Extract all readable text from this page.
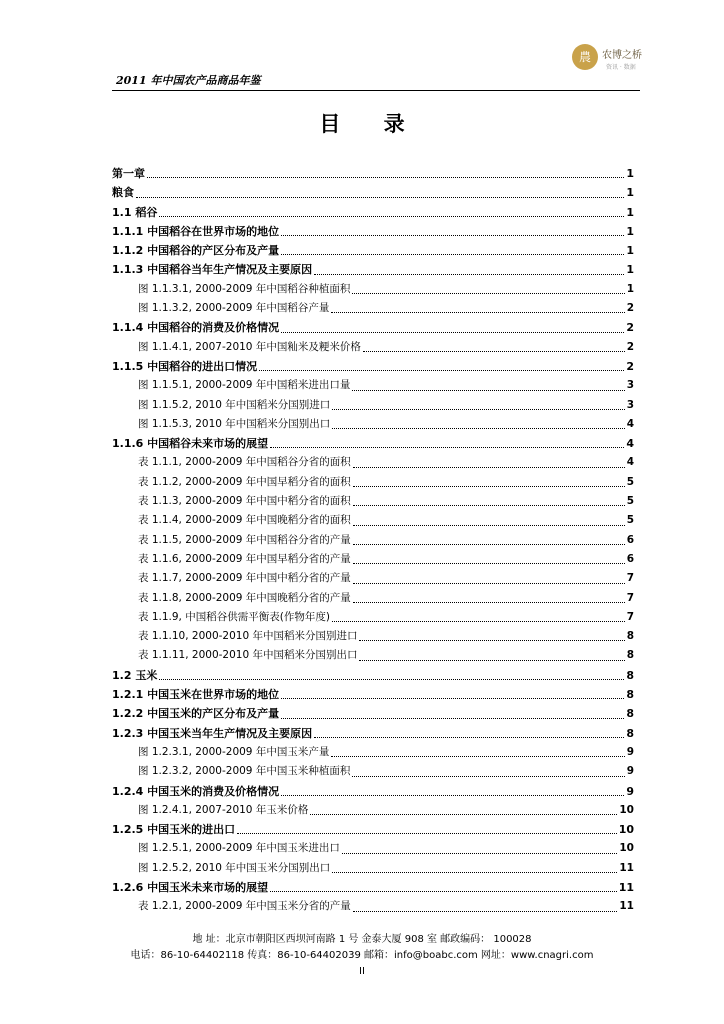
2011 年中国农产品商品年鉴
農	农博之桥
资讯 · 数据
目 录
第一章	1
粮食	1
1.1 稻谷	1
1.1.1 中国稻谷在世界市场的地位	1
1.1.2 中国稻谷的产区分布及产量	1
1.1.3 中国稻谷当年生产情况及主要原因	1
图 1.1.3.1, 2000-2009 年中国稻谷种植面积	1
图 1.1.3.2, 2000-2009 年中国稻谷产量	2
1.1.4 中国稻谷的消费及价格情况	2
图 1.1.4.1, 2007-2010 年中国籼米及粳米价格	2
1.1.5 中国稻谷的进出口情况	2
图 1.1.5.1, 2000-2009 年中国稻米进出口量	3
图 1.1.5.2, 2010 年中国稻米分国别进口	3
图 1.1.5.3, 2010 年中国稻米分国别出口	4
1.1.6 中国稻谷未来市场的展望	4
表 1.1.1, 2000-2009 年中国稻谷分省的面积	4
表 1.1.2, 2000-2009 年中国早稻分省的面积	5
表 1.1.3, 2000-2009 年中国中稻分省的面积	5
表 1.1.4, 2000-2009 年中国晚稻分省的面积	5
表 1.1.5, 2000-2009 年中国稻谷分省的产量	6
表 1.1.6, 2000-2009 年中国早稻分省的产量	6
表 1.1.7, 2000-2009 年中国中稻分省的产量	7
表 1.1.8, 2000-2009 年中国晚稻分省的产量	7
表 1.1.9, 中国稻谷供需平衡表(作物年度)	7
表 1.1.10, 2000-2010 年中国稻米分国别进口	8
表 1.1.11, 2000-2010 年中国稻米分国别出口	8
1.2 玉米	8
1.2.1 中国玉米在世界市场的地位	8
1.2.2 中国玉米的产区分布及产量	8
1.2.3 中国玉米当年生产情况及主要原因	8
图 1.2.3.1, 2000-2009 年中国玉米产量	9
图 1.2.3.2, 2000-2009 年中国玉米种植面积	9
1.2.4 中国玉米的消费及价格情况	9
图 1.2.4.1, 2007-2010 年玉米价格	10
1.2.5 中国玉米的进出口	10
图 1.2.5.1, 2000-2009 年中国玉米进出口	10
图 1.2.5.2, 2010 年中国玉米分国别出口	11
1.2.6 中国玉米未来市场的展望	11
表 1.2.1, 2000-2009 年中国玉米分省的产量	11
地 址：北京市朝阳区西坝河南路 1 号 金泰大厦 908 室 邮政编码： 100028
电话：86-10-64402118 传真：86-10-64402039 邮箱：info@boabc.com 网址：www.cnagri.com
II
